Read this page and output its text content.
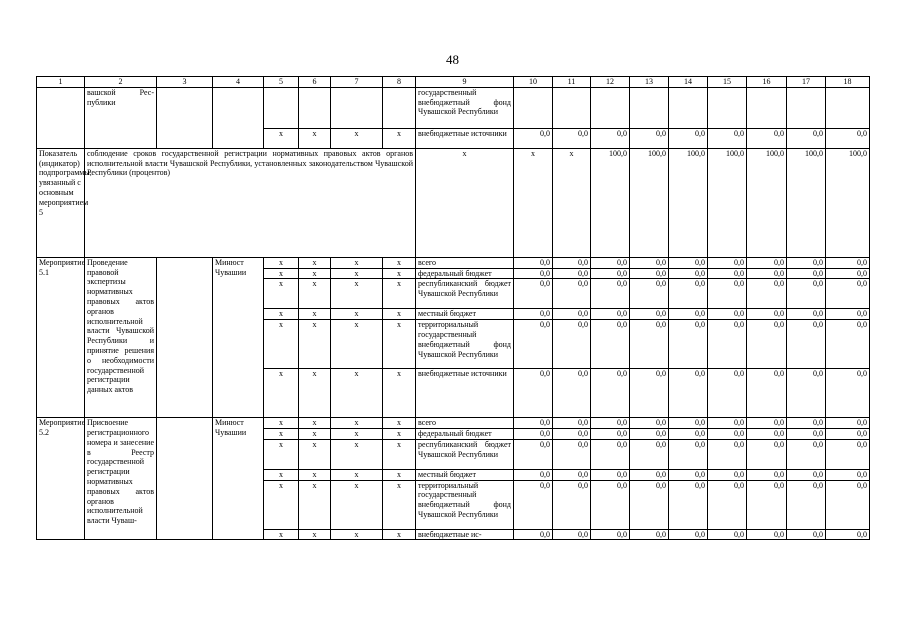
48
1	2	3	4	5	6	7	8	9	10	11	12	13	14	15	16	17	18
	вашской Рес-публики							государственный внебюджетный фонд Чувашской Республики									
				x	x	x	x	внебюджетные источники	0,0	0,0	0,0	0,0	0,0	0,0	0,0	0,0	0,0
Показатель (индикатор) подпрограммы, увязанный с основным мероприятием 5	соблюдение сроков государственной регистрации нормативных правовых актов органов исполнительной власти Чувашской Республики, установленных законодательством Чувашской Республики (процентов)							x	x	x	100,0	100,0	100,0	100,0	100,0	100,0	100,0
Мероприятие 5.1	Проведение правовой экспертизы нормативных правовых актов органов исполнительной власти Чувашской Республики и принятие решения о необходимости государственной регистрации данных актов		Минюст Чувашии	x	x	x	x	всего	0,0	0,0	0,0	0,0	0,0	0,0	0,0	0,0	0,0
				x	x	x	x	федеральный бюджет	0,0	0,0	0,0	0,0	0,0	0,0	0,0	0,0	0,0
				x	x	x	x	республиканский бюджет Чувашской Республики	0,0	0,0	0,0	0,0	0,0	0,0	0,0	0,0	0,0
				x	x	x	x	местный бюджет	0,0	0,0	0,0	0,0	0,0	0,0	0,0	0,0	0,0
				x	x	x	x	территориальный государственный внебюджетный фонд Чувашской Республики	0,0	0,0	0,0	0,0	0,0	0,0	0,0	0,0	0,0
				x	x	x	x	внебюджетные источники	0,0	0,0	0,0	0,0	0,0	0,0	0,0	0,0	0,0
Мероприятие 5.2	Присвоение регистрационного номера и занесение в Реестр государственной регистрации нормативных правовых актов органов исполнительной власти Чуваш-		Минюст Чувашии	x	x	x	x	всего	0,0	0,0	0,0	0,0	0,0	0,0	0,0	0,0	0,0
				x	x	x	x	федеральный бюджет	0,0	0,0	0,0	0,0	0,0	0,0	0,0	0,0	0,0
				x	x	x	x	республиканский бюджет Чувашской Республики	0,0	0,0	0,0	0,0	0,0	0,0	0,0	0,0	0,0
				x	x	x	x	местный бюджет	0,0	0,0	0,0	0,0	0,0	0,0	0,0	0,0	0,0
				x	x	x	x	территориальный государственный внебюджетный фонд Чувашской Республики	0,0	0,0	0,0	0,0	0,0	0,0	0,0	0,0	0,0
				x	x	x	x	внебюджетные ис-	0,0	0,0	0,0	0,0	0,0	0,0	0,0	0,0	0,0
